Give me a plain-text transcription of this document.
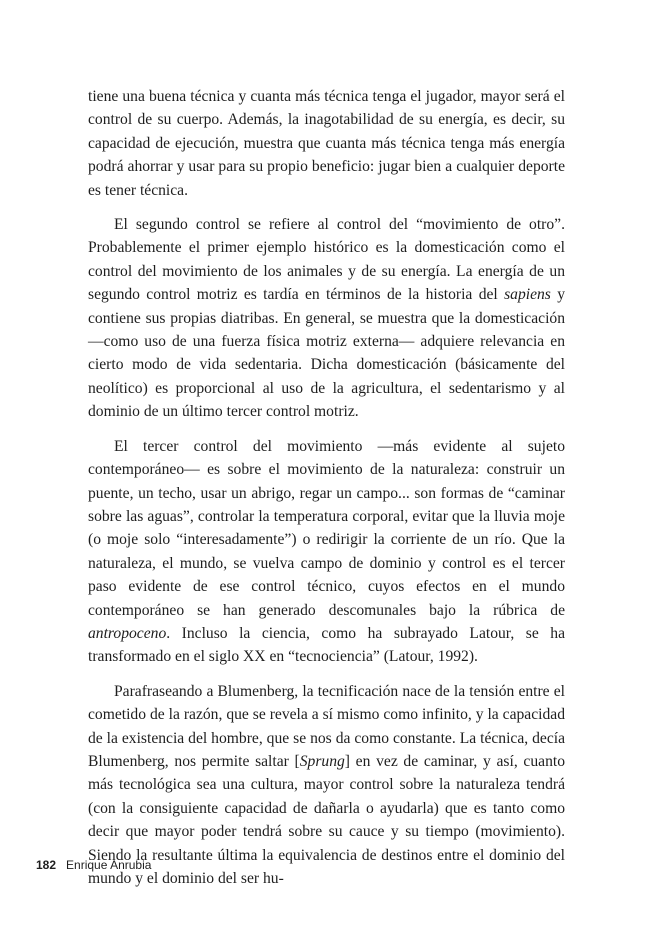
tiene una buena técnica y cuanta más técnica tenga el jugador, mayor será el control de su cuerpo. Además, la inagotabilidad de su energía, es decir, su capacidad de ejecución, muestra que cuanta más técnica tenga más energía podrá ahorrar y usar para su propio beneficio: jugar bien a cualquier deporte es tener técnica.

El segundo control se refiere al control del “movimiento de otro”. Probablemente el primer ejemplo histórico es la domesticación como el control del movimiento de los animales y de su energía. La energía de un segundo control motriz es tardía en términos de la historia del sapiens y contiene sus propias diatribas. En general, se muestra que la domesticación —como uso de una fuerza física motriz externa— adquiere relevancia en cierto modo de vida sedentaria. Dicha domesticación (básicamente del neolítico) es proporcional al uso de la agricultura, el sedentarismo y al dominio de un último tercer control motriz.

El tercer control del movimiento —más evidente al sujeto contemporáneo— es sobre el movimiento de la naturaleza: construir un puente, un techo, usar un abrigo, regar un campo... son formas de “caminar sobre las aguas”, controlar la temperatura corporal, evitar que la lluvia moje (o moje solo “interesadamente”) o redirigir la corriente de un río. Que la naturaleza, el mundo, se vuelva campo de dominio y control es el tercer paso evidente de ese control técnico, cuyos efectos en el mundo contemporáneo se han generado descomunales bajo la rúbrica de antropoceno. Incluso la ciencia, como ha subrayado Latour, se ha transformado en el siglo XX en “tecnociencia” (Latour, 1992).

Parafraseando a Blumenberg, la tecnificación nace de la tensión entre el cometido de la razón, que se revela a sí mismo como infinito, y la capacidad de la existencia del hombre, que se nos da como constante. La técnica, decía Blumenberg, nos permite saltar [Sprung] en vez de caminar, y así, cuanto más tecnológica sea una cultura, mayor control sobre la naturaleza tendrá (con la consiguiente capacidad de dañarla o ayudarla) que es tanto como decir que mayor poder tendrá sobre su cauce y su tiempo (movimiento). Siendo la resultante última la equivalencia de destinos entre el dominio del mundo y el dominio del ser hu-

182 Enrique Anrubia
